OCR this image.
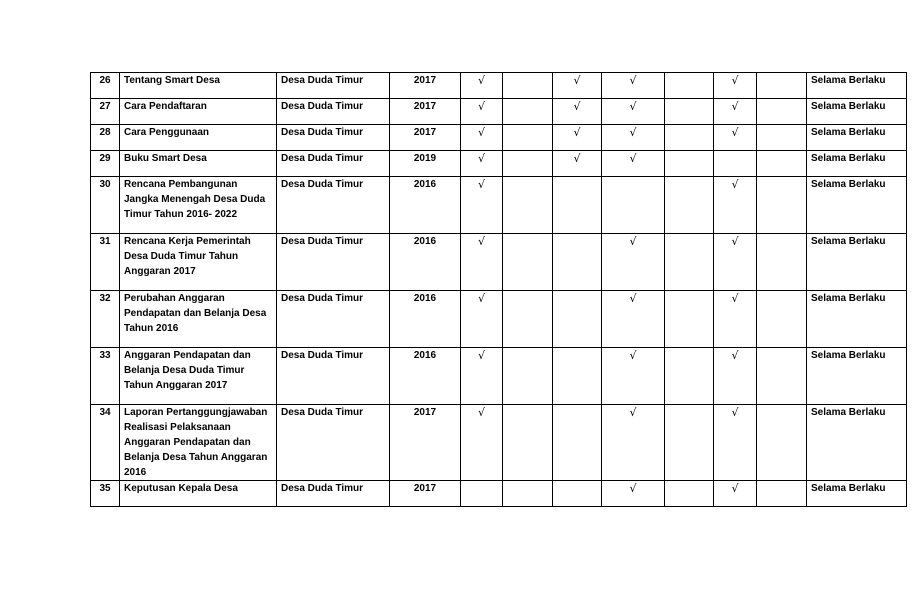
26	Tentang Smart Desa	Desa Duda Timur	2017	√		√	√		√		Selama Berlaku
27	Cara Pendaftaran	Desa Duda Timur	2017	√		√	√		√		Selama Berlaku
28	Cara Penggunaan	Desa Duda Timur	2017	√		√	√		√		Selama Berlaku
29	Buku Smart Desa	Desa Duda Timur	2019	√		√	√				Selama Berlaku
30	Rencana Pembangunan Jangka Menengah Desa Duda Timur Tahun 2016- 2022	Desa Duda Timur	2016	√					√		Selama Berlaku
31	Rencana Kerja Pemerintah Desa Duda Timur Tahun Anggaran 2017	Desa Duda Timur	2016	√			√		√		Selama Berlaku
32	Perubahan Anggaran Pendapatan dan Belanja Desa Tahun 2016	Desa Duda Timur	2016	√			√		√		Selama Berlaku
33	Anggaran Pendapatan dan Belanja Desa Duda Timur Tahun Anggaran 2017	Desa Duda Timur	2016	√			√		√		Selama Berlaku
34	Laporan Pertanggungjawaban Realisasi Pelaksanaan Anggaran Pendapatan dan Belanja Desa Tahun Anggaran 2016	Desa Duda Timur	2017	√			√		√		Selama Berlaku
35	Keputusan Kepala Desa	Desa Duda Timur	2017				√		√		Selama Berlaku
